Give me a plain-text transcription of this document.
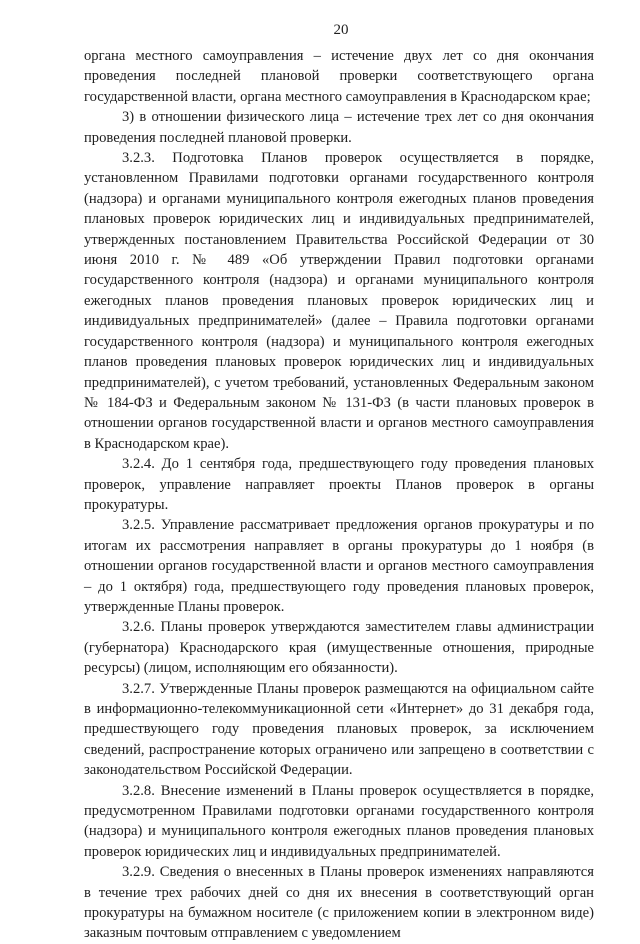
20

органа местного самоуправления – истечение двух лет со дня окончания проведения последней плановой проверки соответствующего органа государственной власти, органа местного самоуправления в Краснодарском крае;

3) в отношении физического лица – истечение трех лет со дня окончания проведения последней плановой проверки.

3.2.3. Подготовка Планов проверок осуществляется в порядке, установленном Правилами подготовки органами государственного контроля (надзора) и органами муниципального контроля ежегодных планов проведения плановых проверок юридических лиц и индивидуальных предпринимателей, утвержденных постановлением Правительства Российской Федерации от 30 июня 2010 г. № 489 «Об утверждении Правил подготовки органами государственного контроля (надзора) и органами муниципального контроля ежегодных планов проведения плановых проверок юридических лиц и индивидуальных предпринимателей» (далее – Правила подготовки органами государственного контроля (надзора) и муниципального контроля ежегодных планов проведения плановых проверок юридических лиц и индивидуальных предпринимателей), с учетом требований, установленных Федеральным законом № 184-ФЗ и Федеральным законом № 131-ФЗ (в части плановых проверок в отношении органов государственной власти и органов местного самоуправления в Краснодарском крае).

3.2.4. До 1 сентября года, предшествующего году проведения плановых проверок, управление направляет проекты Планов проверок в органы прокуратуры.

3.2.5. Управление рассматривает предложения органов прокуратуры и по итогам их рассмотрения направляет в органы прокуратуры до 1 ноября (в отношении органов государственной власти и органов местного самоуправления – до 1 октября) года, предшествующего году проведения плановых проверок, утвержденные Планы проверок.

3.2.6. Планы проверок утверждаются заместителем главы администрации (губернатора) Краснодарского края (имущественные отношения, природные ресурсы) (лицом, исполняющим его обязанности).

3.2.7. Утвержденные Планы проверок размещаются на официальном сайте в информационно-телекоммуникационной сети «Интернет» до 31 декабря года, предшествующего году проведения плановых проверок, за исключением сведений, распространение которых ограничено или запрещено в соответствии с законодательством Российской Федерации.

3.2.8. Внесение изменений в Планы проверок осуществляется в порядке, предусмотренном Правилами подготовки органами государственного контроля (надзора) и муниципального контроля ежегодных планов проведения плановых проверок юридических лиц и индивидуальных предпринимателей.

3.2.9. Сведения о внесенных в Планы проверок изменениях направляются в течение трех рабочих дней со дня их внесения в соответствующий орган прокуратуры на бумажном носителе (с приложением копии в электронном виде) заказным почтовым отправлением с уведомлением
